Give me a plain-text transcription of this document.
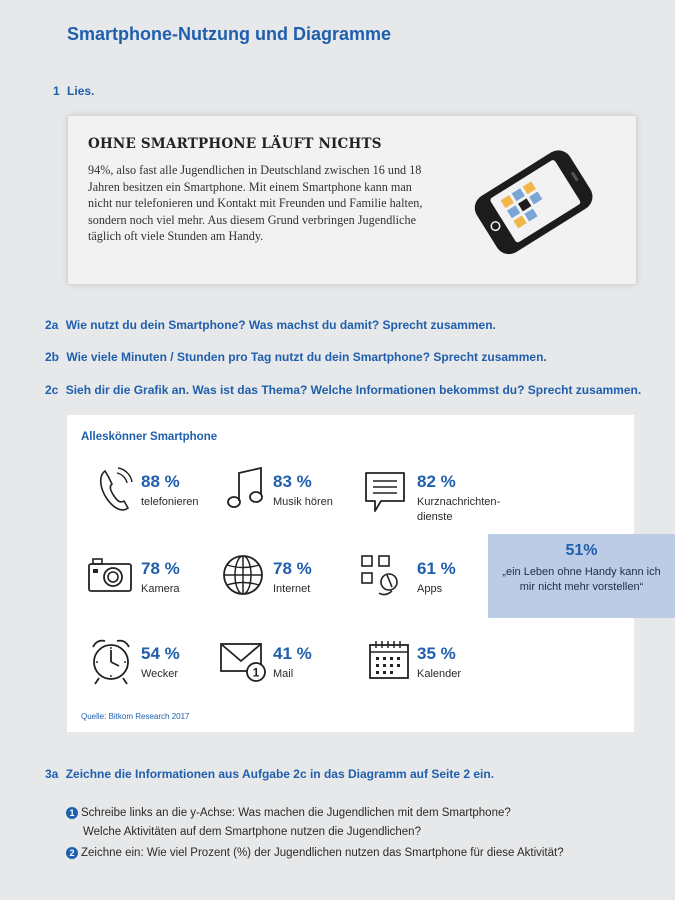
Smartphone-Nutzung und Diagramme
1 Lies.
OHNE SMARTPHONE LÄUFT NICHTS

94%, also fast alle Jugendlichen in Deutschland zwischen 16 und 18 Jahren besitzen ein Smartphone. Mit einem Smartphone kann man nicht nur telefonieren und Kontakt mit Freunden und Familie halten, sondern noch viel mehr. Aus diesem Grund verbringen Jugendliche täglich oft viele Stunden am Handy.

2a Wie nutzt du dein Smartphone? Was machst du damit? Sprecht zusammen.
2b Wie viele Minuten / Stunden pro Tag nutzt du dein Smartphone? Sprecht zusammen.
2c Sieh dir die Grafik an. Was ist das Thema? Welche Informationen bekommst du? Sprecht zusammen.
Alleskönner Smartphone
88 %
telefonieren
83 %
Musik hören
82 %
Kurznachrichten-
dienste
78 %
Kamera
78 %
Internet
61 %
Apps
54 %
Wecker	1
41 %
Mail
35 %
Kalender
Quelle: Bitkom Research 2017
51%
„ein Leben ohne Handy kann ich mir nicht mehr vorstellen“
3a Zeichne die Informationen aus Aufgabe 2c in das Diagramm auf Seite 2 ein.
1 Schreibe links an die y-Achse: Was machen die Jugendlichen mit dem Smartphone?
Welche Aktivitäten auf dem Smartphone nutzen die Jugendlichen?
2 Zeichne ein: Wie viel Prozent (%) der Jugendlichen nutzen das Smartphone für diese Aktivität?
